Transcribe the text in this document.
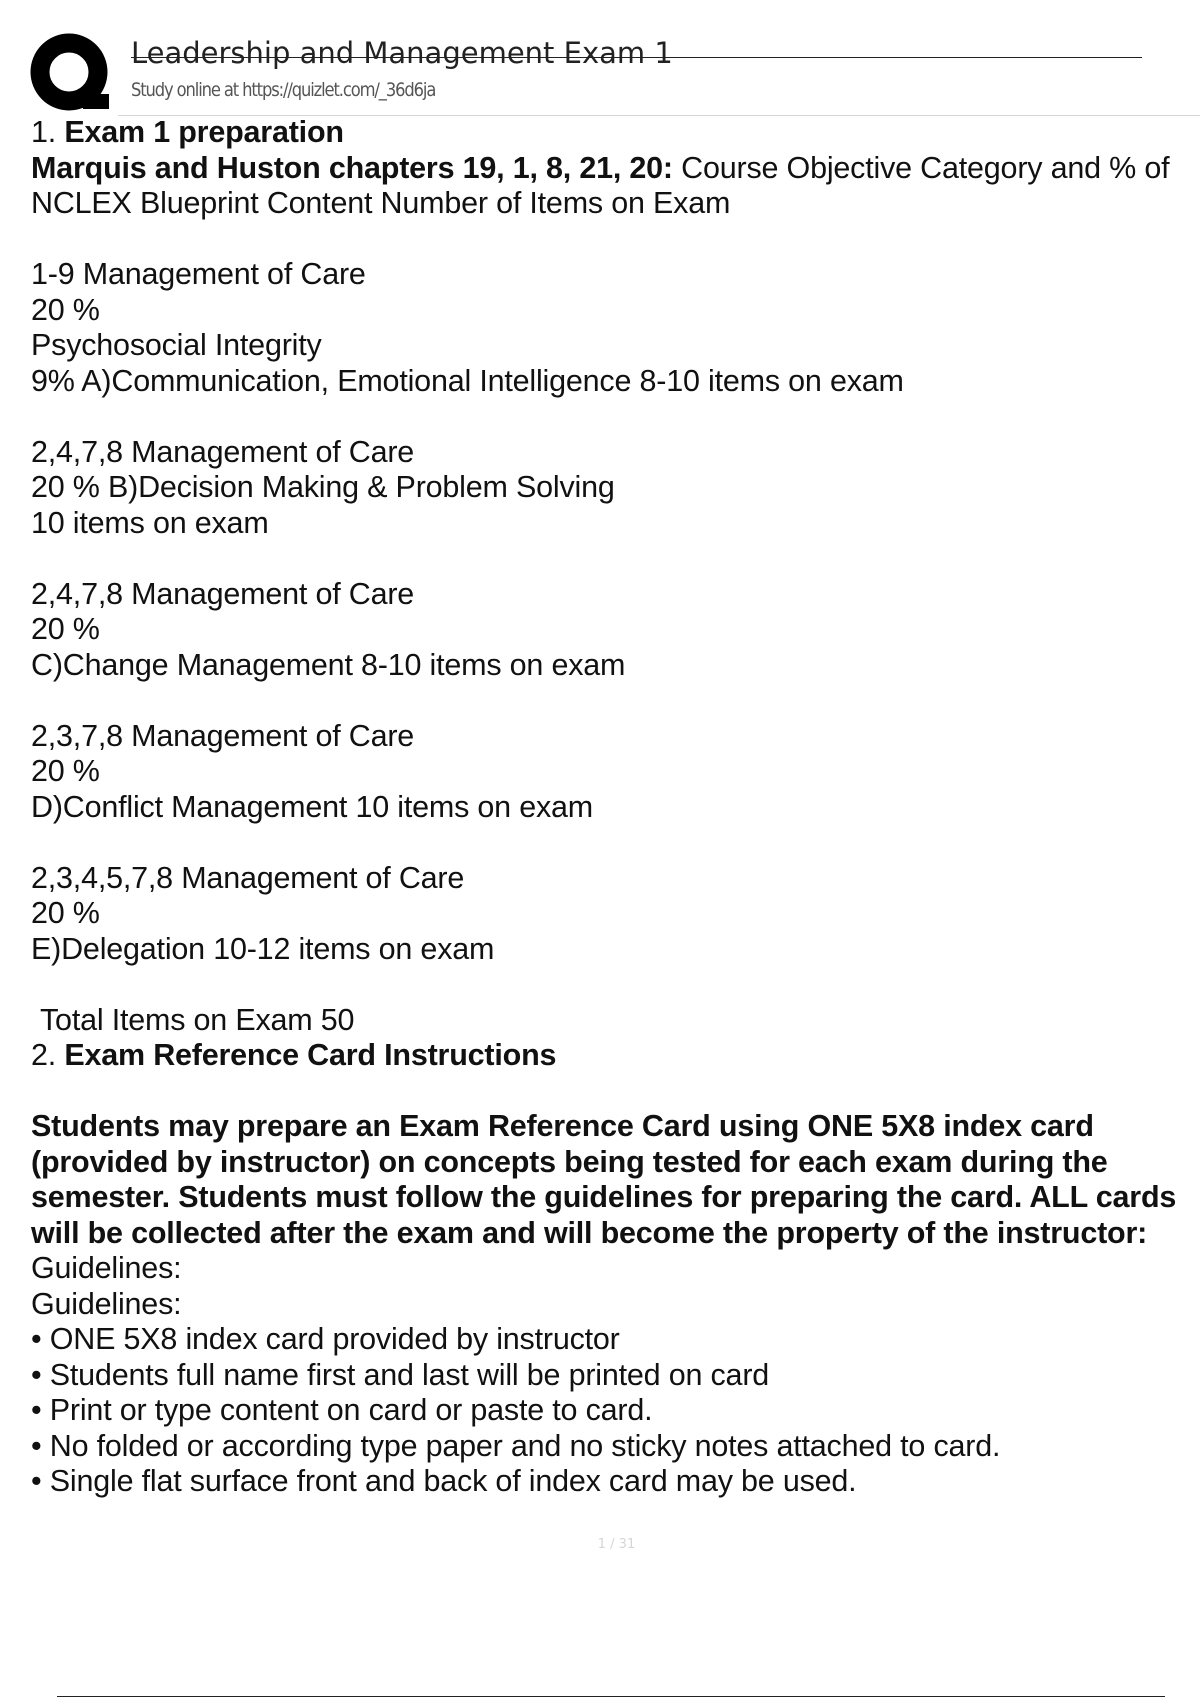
Leadership and Management Exam 1
Study online at https://quizlet.com/_36d6ja

1. Exam 1 preparation

Marquis and Huston chapters 19, 1, 8, 21, 20: Course Objective Category and % of NCLEX Blueprint Content Number of Items on Exam

1-9 Management of Care

20 %

Psychosocial Integrity

9% A)Communication, Emotional Intelligence 8-10 items on exam

2,4,7,8 Management of Care

20 % B)Decision Making & Problem Solving

10 items on exam

2,4,7,8 Management of Care

20 %

C)Change Management 8-10 items on exam

2,3,7,8 Management of Care

20 %

D)Conflict Management 10 items on exam

2,3,4,5,7,8 Management of Care

20 %

E)Delegation 10-12 items on exam

Total Items on Exam 50

2. Exam Reference Card Instructions

Students may prepare an Exam Reference Card using ONE 5X8 index card (provided by instructor) on concepts being tested for each exam during the semester. Students must follow the guidelines for preparing the card. ALL cards will be collected after the exam and will become the property of the instructor: Guidelines:

Guidelines:

• ONE 5X8 index card provided by instructor

• Students full name first and last will be printed on card

• Print or type content on card or paste to card.

• No folded or according type paper and no sticky notes attached to card.

• Single flat surface front and back of index card may be used.

1 / 31
